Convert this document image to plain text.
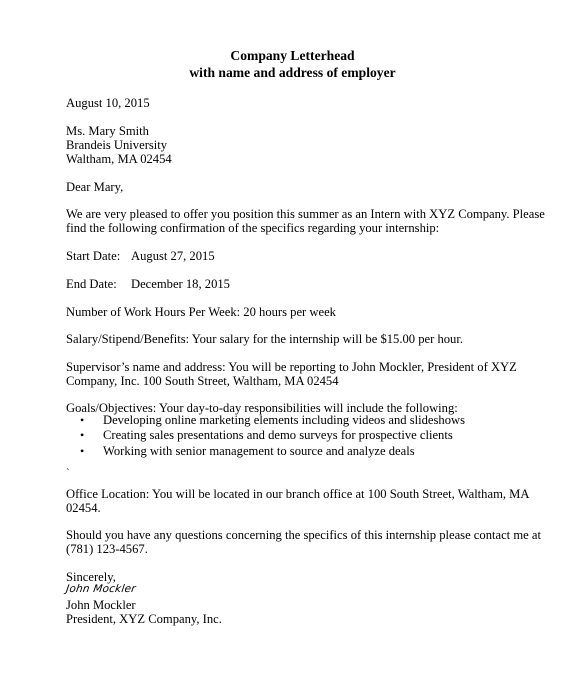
Company Letterhead
with name and address of employer
August 10, 2015
Ms. Mary Smith
Brandeis University
Waltham, MA 02454
Dear Mary,
We are very pleased to offer you position this summer as an Intern with XYZ Company. Please
find the following confirmation of the specifics regarding your internship:
Start Date: August 27, 2015
End Date: December 18, 2015
Number of Work Hours Per Week: 20 hours per week
Salary/Stipend/Benefits: Your salary for the internship will be $15.00 per hour.
Supervisor’s name and address: You will be reporting to John Mockler, President of XYZ
Company, Inc. 100 South Street, Waltham, MA 02454
Goals/Objectives: Your day-to-day responsibilities will include the following:
• Developing online marketing elements including videos and slideshows
• Creating sales presentations and demo surveys for prospective clients
• Working with senior management to source and analyze deals
`
Office Location: You will be located in our branch office at 100 South Street, Waltham, MA
02454.
Should you have any questions concerning the specifics of this internship please contact me at
(781) 123-4567.
Sincerely,
John Mockler
John Mockler
President, XYZ Company, Inc.
